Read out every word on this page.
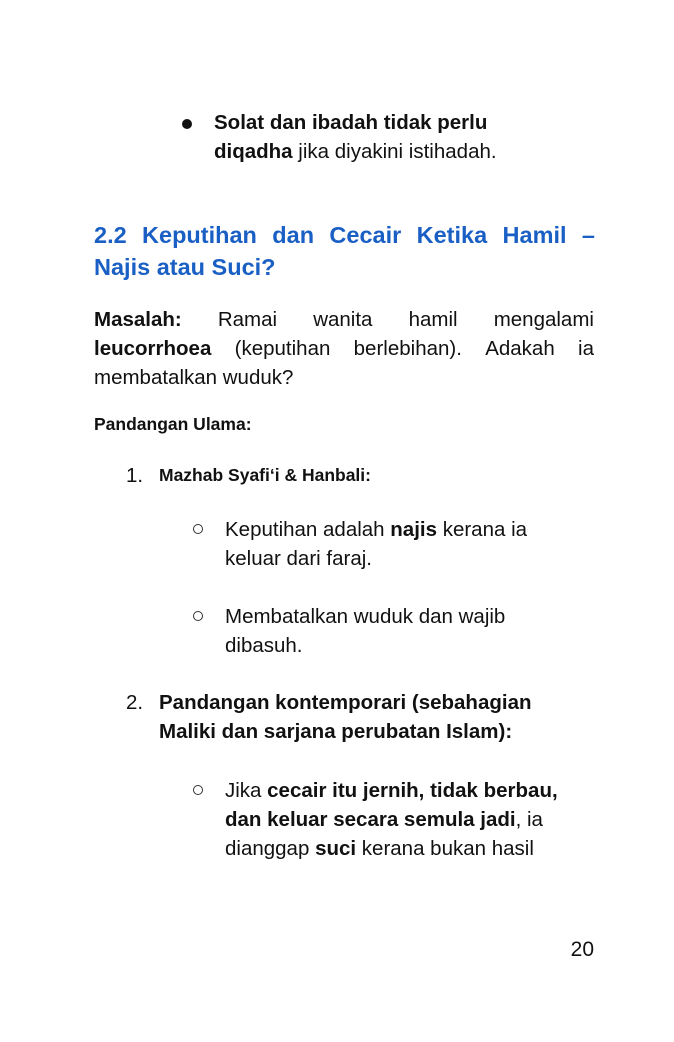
Solat dan ibadah tidak perlu
diqadha jika diyakini istihadah.
2.2 Keputihan dan Cecair Ketika Hamil –
Najis atau Suci?
Masalah: Ramai wanita hamil mengalami
leucorrhoea (keputihan berlebihan). Adakah ia
membatalkan wuduk?
Pandangan Ulama:
1. Mazhab Syafi‘i & Hanbali:
Keputihan adalah najis kerana ia
keluar dari faraj.
Membatalkan wuduk dan wajib
dibasuh.
2. Pandangan kontemporari (sebahagian
Maliki dan sarjana perubatan Islam):
Jika cecair itu jernih, tidak berbau,
dan keluar secara semula jadi, ia
dianggap suci kerana bukan hasil
20
